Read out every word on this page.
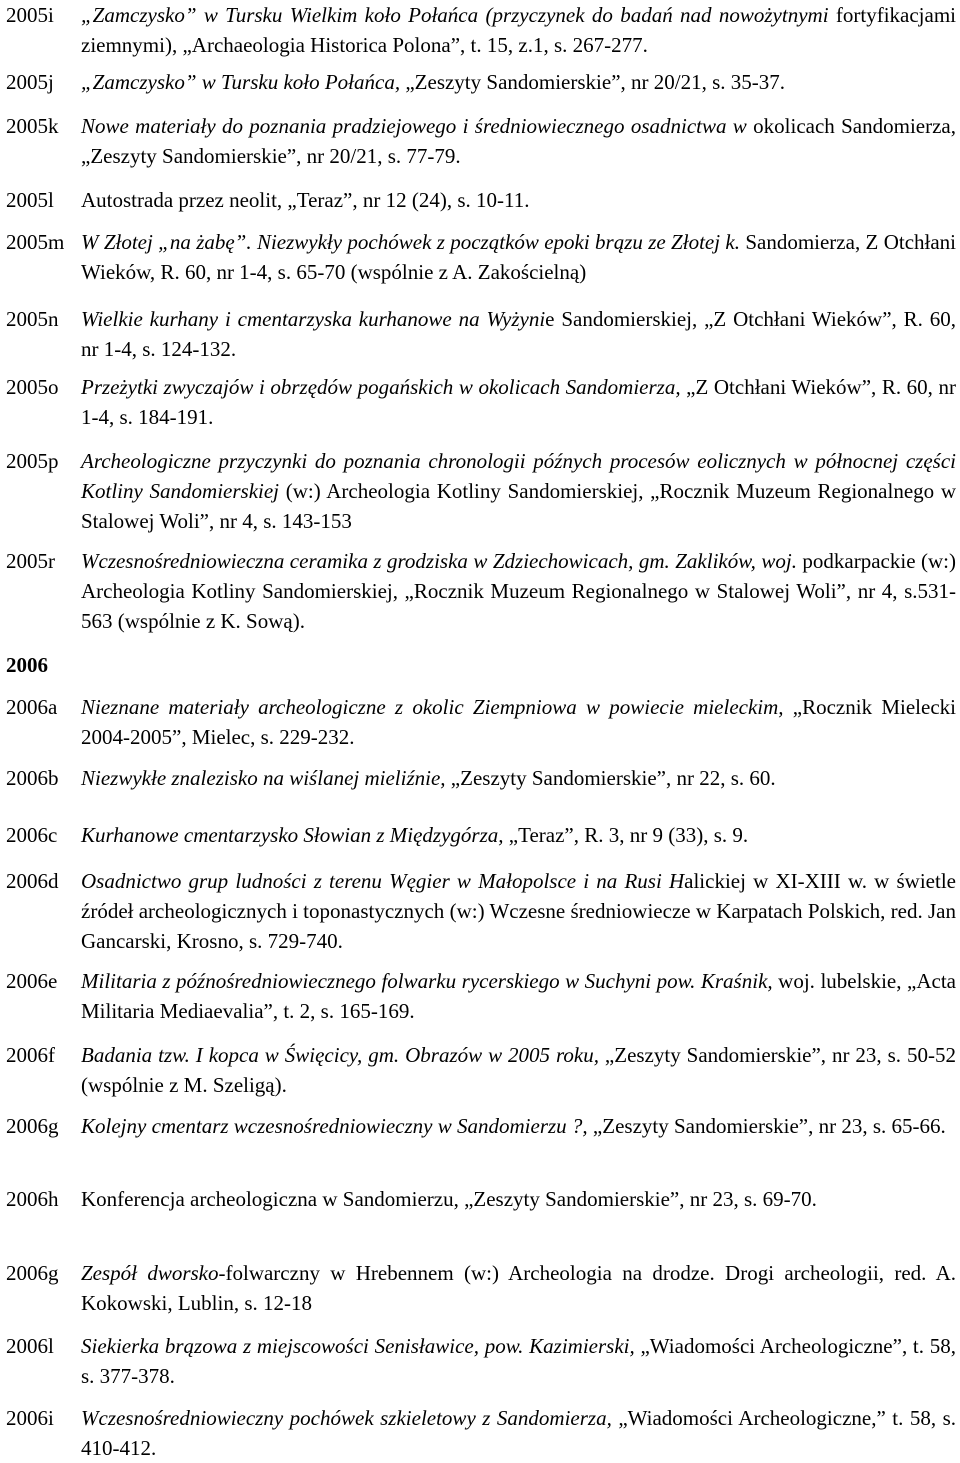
2005i	„Zamczysko” w Tursku Wielkim koło Połańca (przyczynek do badań nad nowożytnymi fortyfikacjami ziemnymi), „Archaeologia Historica Polona”, t. 15, z.1, s. 267-277.
2005j	„Zamczysko” w Tursku koło Połańca, „Zeszyty Sandomierskie”, nr 20/21, s. 35-37.
2005k	Nowe materiały do poznania pradziejowego i średniowiecznego osadnictwa w okolicach Sandomierza, „Zeszyty Sandomierskie”, nr 20/21, s. 77-79.
2005l	Autostrada przez neolit, „Teraz”, nr 12 (24), s. 10-11.
2005m W Złotej „na żabę”. Niezwykły pochówek z początków epoki brązu ze Złotej k. Sandomierza, Z Otchłani Wieków, R. 60, nr 1-4, s. 65-70 (wspólnie z A. Zakościelną)
2005n	Wielkie kurhany i cmentarzyska kurhanowe na Wyżynie Sandomierskiej, „Z Otchłani Wieków”, R. 60, nr 1-4, s. 124-132.
2005o	Przeżytki zwyczajów i obrzędów pogańskich w okolicach Sandomierza, „Z Otchłani Wieków”, R. 60, nr 1-4, s. 184-191.
2005p	Archeologiczne przyczynki do poznania chronologii późnych procesów eolicznych w północnej części Kotliny Sandomierskiej (w:) Archeologia Kotliny Sandomierskiej, „Rocznik Muzeum Regionalnego w Stalowej Woli”, nr 4, s. 143-153
2005r	Wczesnośredniowieczna ceramika z grodziska w Zdziechowicach, gm. Zaklików, woj. podkarpackie (w:) Archeologia Kotliny Sandomierskiej, „Rocznik Muzeum Regionalnego w Stalowej Woli”, nr 4, s.531-563 (wspólnie z K. Sową).
2006
2006a	Nieznane materiały archeologiczne z okolic Ziempniowa w powiecie mieleckim, „Rocznik Mielecki 2004-2005”, Mielec, s. 229-232.
2006b	Niezwykłe znalezisko na wiślanej mieliźnie, „Zeszyty Sandomierskie”, nr 22, s. 60.
2006c	Kurhanowe cmentarzysko Słowian z Międzygórza, „Teraz”, R. 3, nr 9 (33), s. 9.
2006d	Osadnictwo grup ludności z terenu Węgier w Małopolsce i na Rusi Halickiej w XI-XIII w. w świetle źródeł archeologicznych i toponastycznych (w:) Wczesne średniowiecze w Karpatach Polskich, red. Jan Gancarski, Krosno, s. 729-740.
2006e	Militaria z późnośredniowiecznego folwarku rycerskiego w Suchyni pow. Kraśnik, woj. lubelskie, „Acta Militaria Mediaevalia”, t. 2, s. 165-169.
2006f	Badania tzw. I kopca w Święcicy, gm. Obrazów w 2005 roku, „Zeszyty Sandomierskie”, nr 23, s. 50-52 (wspólnie z M. Szeligą).
2006g	Kolejny cmentarz wczesnośredniowieczny w Sandomierzu ?, „Zeszyty Sandomierskie”, nr 23, s. 65-66.
2006h	Konferencja archeologiczna w Sandomierzu, „Zeszyty Sandomierskie”, nr 23, s. 69-70.
2006g	Zespół dworsko-folwarczny w Hrebennem (w:) Archeologia na drodze. Drogi archeologii, red. A. Kokowski, Lublin, s. 12-18
2006l	Siekierka brązowa z miejscowości Senisławice, pow. Kazimierski, „Wiadomości Archeologiczne”, t. 58, s. 377-378.
2006i	Wczesnośredniowieczny pochówek szkieletowy z Sandomierza, „Wiadomości Archeologiczne,” t. 58, s. 410-412.
